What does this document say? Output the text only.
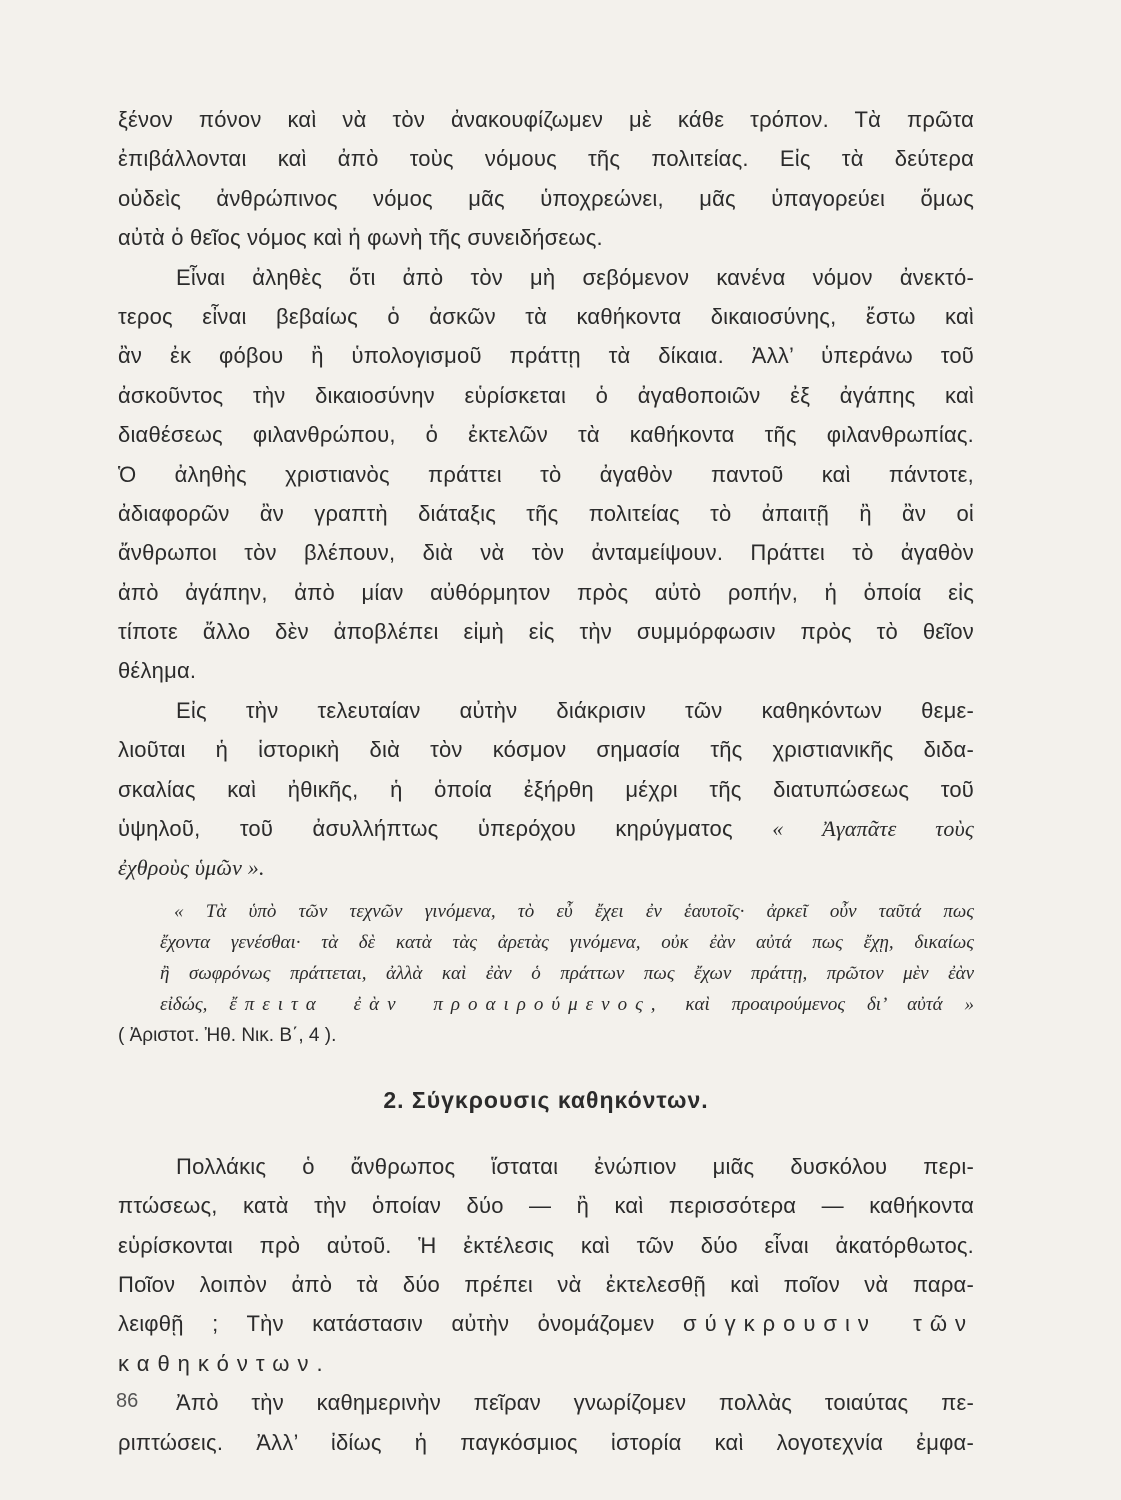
ξένον πόνον καὶ νὰ τὸν ἀνακουφίζωμεν μὲ κάθε τρόπον. Τὰ πρῶτα
ἐπιβάλλονται καὶ ἀπὸ τοὺς νόμους τῆς πολιτείας. Εἰς τὰ δεύτερα
οὐδεὶς ἀνθρώπινος νόμος μᾶς ὑποχρεώνει, μᾶς ὑπαγορεύει ὅμως
αὐτὰ ὁ θεῖος νόμος καὶ ἡ φωνὴ τῆς συνειδήσεως.
Εἶναι ἀληθὲς ὅτι ἀπὸ τὸν μὴ σεβόμενον κανένα νόμον ἀνεκτό-
τερος εἶναι βεβαίως ὁ ἀσκῶν τὰ καθήκοντα δικαιοσύνης, ἔστω καὶ
ἂν ἐκ φόβου ἢ ὑπολογισμοῦ πράττῃ τὰ δίκαια. Ἀλλ’ ὑπεράνω τοῦ
ἀσκοῦντος τὴν δικαιοσύνην εὑρίσκεται ὁ ἀγαθοποιῶν ἐξ ἀγάπης καὶ
διαθέσεως φιλανθρώπου, ὁ ἐκτελῶν τὰ καθήκοντα τῆς φιλανθρωπίας.
Ὁ ἀληθὴς χριστιανὸς πράττει τὸ ἀγαθὸν παντοῦ καὶ πάντοτε,
ἀδιαφορῶν ἂν γραπτὴ διάταξις τῆς πολιτείας τὸ ἀπαιτῇ ἢ ἂν οἱ
ἄνθρωποι τὸν βλέπουν, διὰ νὰ τὸν ἀνταμείψουν. Πράττει τὸ ἀγαθὸν
ἀπὸ ἀγάπην, ἀπὸ μίαν αὐθόρμητον πρὸς αὐτὸ ροπήν, ἡ ὁποία εἰς
τίποτε ἄλλο δὲν ἀποβλέπει εἰμὴ εἰς τὴν συμμόρφωσιν πρὸς τὸ θεῖον
θέλημα.
Εἰς τὴν τελευταίαν αὐτὴν διάκρισιν τῶν καθηκόντων θεμε-
λιοῦται ἡ ἱστορικὴ διὰ τὸν κόσμον σημασία τῆς χριστιανικῆς διδα-
σκαλίας καὶ ἠθικῆς, ἡ ὁποία ἐξήρθη μέχρι τῆς διατυπώσεως τοῦ
ὑψηλοῦ, τοῦ ἀσυλλήπτως ὑπερόχου κηρύγματος « Ἀγαπᾶτε τοὺς
ἐχθροὺς ὑμῶν ».
« Τὰ ὑπὸ τῶν τεχνῶν γινόμενα, τὸ εὖ ἔχει ἐν ἑαυτοῖς· ἀρκεῖ οὖν ταῦτά πως
ἔχοντα γενέσθαι· τὰ δὲ κατὰ τὰς ἀρετὰς γινόμενα, οὐκ ἐὰν αὐτά πως ἔχῃ, δικαίως
ἢ σωφρόνως πράττεται, ἀλλὰ καὶ ἐὰν ὁ πράττων πως ἔχων πράττῃ, πρῶτον μὲν ἐὰν
εἰδώς, ἔπειτα ἐὰν προαιρούμενος, καὶ προαιρούμενος δι’ αὐτά »
( Ἀριστοτ. Ἠθ. Νικ. Β΄, 4 ).
2. Σύγκρουσις καθηκόντων.
Πολλάκις ὁ ἄνθρωπος ἵσταται ἐνώπιον μιᾶς δυσκόλου περι-
πτώσεως, κατὰ τὴν ὁποίαν δύο — ἢ καὶ περισσότερα — καθήκοντα
εὑρίσκονται πρὸ αὐτοῦ. Ἡ ἐκτέλεσις καὶ τῶν δύο εἶναι ἀκατόρθωτος.
Ποῖον λοιπὸν ἀπὸ τὰ δύο πρέπει νὰ ἐκτελεσθῇ καὶ ποῖον νὰ παρα-
λειφθῇ ; Τὴν κατάστασιν αὐτὴν ὀνομάζομεν σύγκρουσιν τῶν
καθηκόντων.
Ἀπὸ τὴν καθημερινὴν πεῖραν γνωρίζομεν πολλὰς τοιαύτας πε-
ριπτώσεις. Ἀλλ’ ἰδίως ἡ παγκόσμιος ἱστορία καὶ λογοτεχνία ἐμφα-
86
